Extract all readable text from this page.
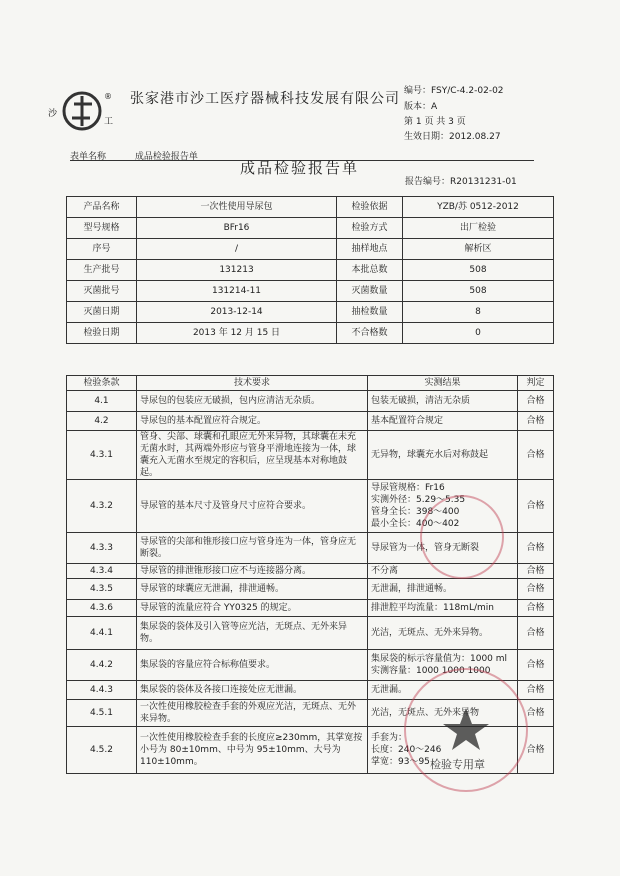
沙
工
® 张家港市沙工医疗器械科技发展有限公司 编号：FSY/C-4.2-02-02
版本：A
第 1 页 共 3 页
生效日期：2012.08.27
表单名称	成品检验报告单
成品检验报告单
报告编号：R20131231-01
产品名称	一次性使用导尿包	检验依据	YZB/苏 0512-2012
型号规格	BFr16	检验方式	出厂检验
序号	/	抽样地点	解析区
生产批号	131213	本批总数	508
灭菌批号	131214-11	灭菌数量	508
灭菌日期	2013-12-14	抽检数量	8
检验日期	2013 年 12 月 15 日	不合格数	0
检验条款	技术要求	实测结果	判定
4.1	导尿包的包装应无破损，包内应清洁无杂质。	包装无破损，清洁无杂质	合格
4.2	导尿包的基本配置应符合规定。	基本配置符合规定	合格
4.3.1	管身、尖部、球囊和孔眼应无外来异物，其球囊在未充无菌水时，其两端外形应与管身平滑地连接为一体，球囊充入无菌水至规定的容积后，应呈现基本对称地鼓起。	无异物，球囊充水后对称鼓起	合格
4.3.2	导尿管的基本尺寸及管身尺寸应符合要求。	导尿管规格：Fr16
实测外径：5.29～5.35
管身全长：398～400
最小全长：400～402	合格
4.3.3	导尿管的尖部和锥形接口应与管身连为一体，管身应无断裂。	导尿管为一体，管身无断裂	合格
4.3.4	导尿管的排泄锥形接口应不与连接器分离。	不分离	合格
4.3.5	导尿管的球囊应无泄漏，排泄通畅。	无泄漏，排泄通畅。	合格
4.3.6	导尿管的流量应符合 YY0325 的规定。	排泄腔平均流量：118mL/min	合格
4.4.1	集尿袋的袋体及引入管等应光洁，无斑点、无外来异物。	光洁，无斑点、无外来异物。	合格
4.4.2	集尿袋的容量应符合标称值要求。	集尿袋的标示容量值为：1000 ml
实测容量：1000 1000 1000	合格
4.4.3	集尿袋的袋体及各接口连接处应无泄漏。	无泄漏。	合格
4.5.1	一次性使用橡胶检查手套的外观应光洁，无斑点、无外来异物。	光洁，无斑点、无外来异物	合格
4.5.2	一次性使用橡胶检查手套的长度应≥230mm，其掌宽按小号为 80±10mm、中号为 95±10mm、大号为 110±10mm。	手套为：
长度：240～246
掌宽：93～95	合格
检验专用章
